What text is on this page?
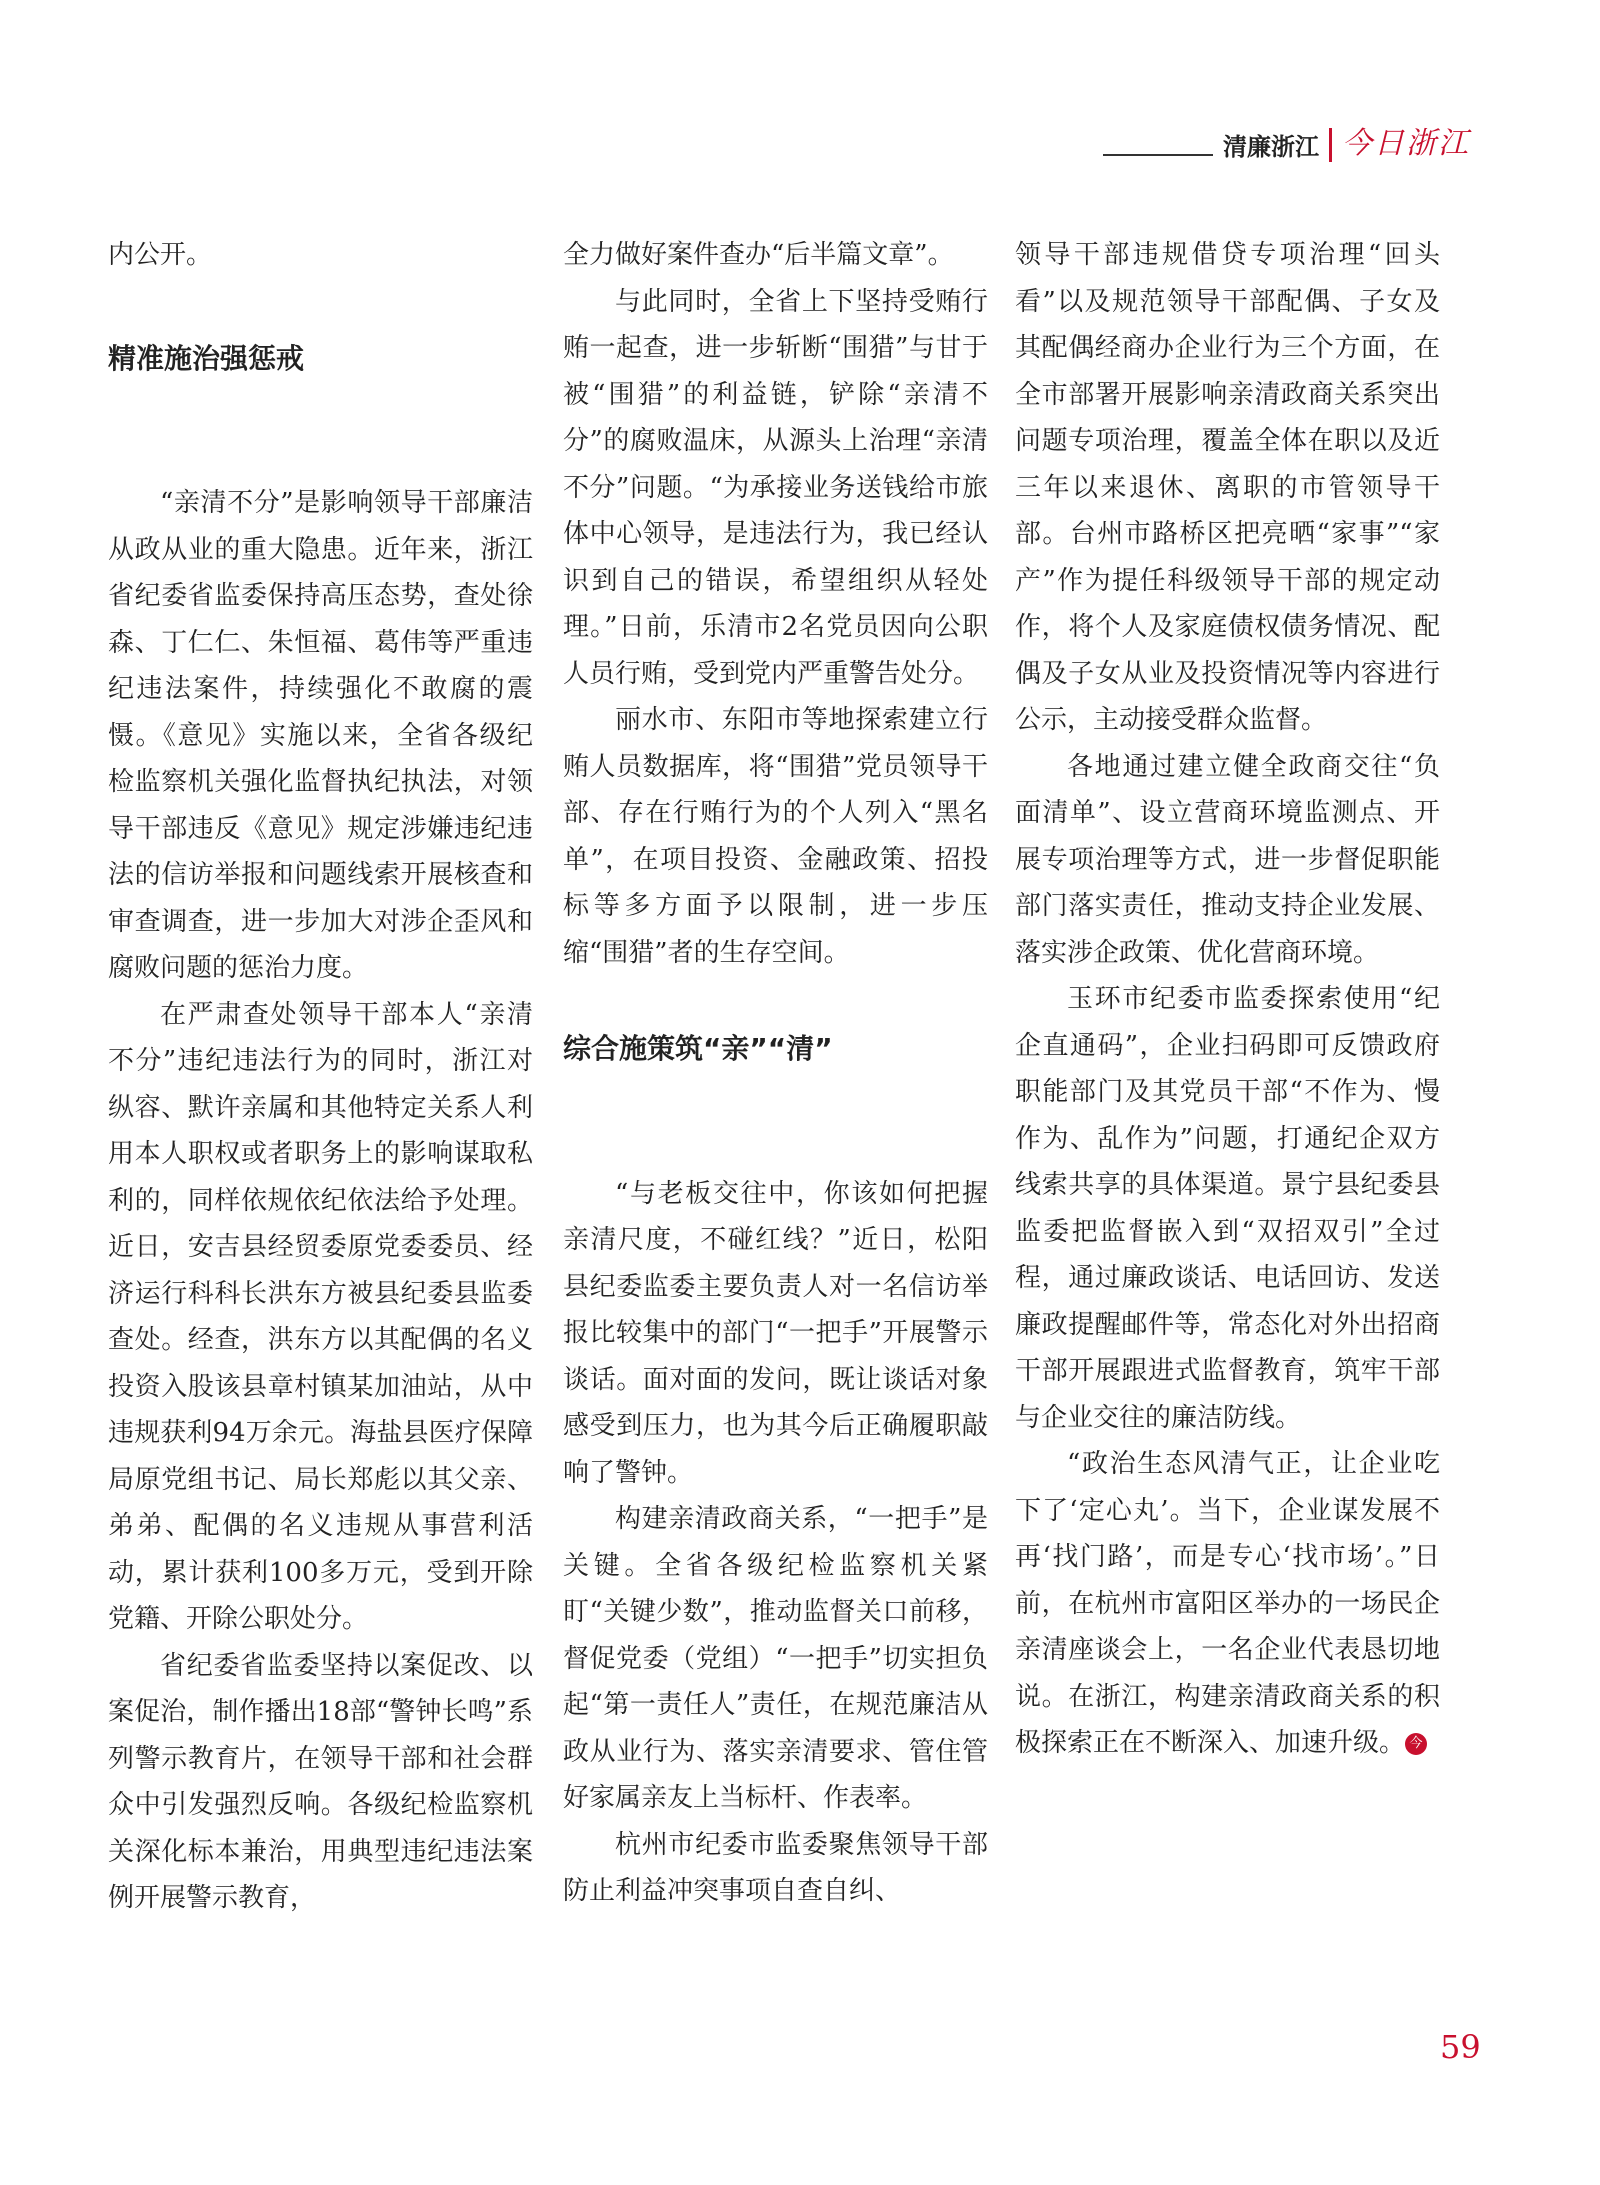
清廉浙江 今日浙江

内公开。

精准施治强惩戒

“亲清不分”是影响领导干部廉洁从政从业的重大隐患。近年来，浙江省纪委省监委保持高压态势，查处徐森、丁仁仁、朱恒福、葛伟等严重违纪违法案件，持续强化不敢腐的震慑。《意见》实施以来，全省各级纪检监察机关强化监督执纪执法，对领导干部违反《意见》规定涉嫌违纪违法的信访举报和问题线索开展核查和审查调查，进一步加大对涉企歪风和腐败问题的惩治力度。

在严肃查处领导干部本人“亲清不分”违纪违法行为的同时，浙江对纵容、默许亲属和其他特定关系人利用本人职权或者职务上的影响谋取私利的，同样依规依纪依法给予处理。近日，安吉县经贸委原党委委员、经济运行科科长洪东方被县纪委县监委查处。经查，洪东方以其配偶的名义投资入股该县章村镇某加油站，从中违规获利94万余元。海盐县医疗保障局原党组书记、局长郑彪以其父亲、弟弟、配偶的名义违规从事营利活动，累计获利100多万元，受到开除党籍、开除公职处分。

省纪委省监委坚持以案促改、以案促治，制作播出18部“警钟长鸣”系列警示教育片，在领导干部和社会群众中引发强烈反响。各级纪检监察机关深化标本兼治，用典型违纪违法案例开展警示教育，

全力做好案件查办“后半篇文章”。

与此同时，全省上下坚持受贿行贿一起查，进一步斩断“围猎”与甘于被“围猎”的利益链，铲除“亲清不分”的腐败温床，从源头上治理“亲清不分”问题。“为承接业务送钱给市旅体中心领导，是违法行为，我已经认识到自己的错误，希望组织从轻处理。”日前，乐清市2名党员因向公职人员行贿，受到党内严重警告处分。

丽水市、东阳市等地探索建立行贿人员数据库，将“围猎”党员领导干部、存在行贿行为的个人列入“黑名单”，在项目投资、金融政策、招投标等多方面予以限制，进一步压缩“围猎”者的生存空间。

综合施策筑“亲”“清”

“与老板交往中，你该如何把握亲清尺度，不碰红线？”近日，松阳县纪委监委主要负责人对一名信访举报比较集中的部门“一把手”开展警示谈话。面对面的发问，既让谈话对象感受到压力，也为其今后正确履职敲响了警钟。

构建亲清政商关系，“一把手”是关键。全省各级纪检监察机关紧盯“关键少数”，推动监督关口前移，督促党委（党组）“一把手”切实担负起“第一责任人”责任，在规范廉洁从政从业行为、落实亲清要求、管住管好家属亲友上当标杆、作表率。

杭州市纪委市监委聚焦领导干部防止利益冲突事项自查自纠、

领导干部违规借贷专项治理“回头看”以及规范领导干部配偶、子女及其配偶经商办企业行为三个方面，在全市部署开展影响亲清政商关系突出问题专项治理，覆盖全体在职以及近三年以来退休、离职的市管领导干部。台州市路桥区把亮晒“家事”“家产”作为提任科级领导干部的规定动作，将个人及家庭债权债务情况、配偶及子女从业及投资情况等内容进行公示，主动接受群众监督。

各地通过建立健全政商交往“负面清单”、设立营商环境监测点、开展专项治理等方式，进一步督促职能部门落实责任，推动支持企业发展、落实涉企政策、优化营商环境。

玉环市纪委市监委探索使用“纪企直通码”，企业扫码即可反馈政府职能部门及其党员干部“不作为、慢作为、乱作为”问题，打通纪企双方线索共享的具体渠道。景宁县纪委县监委把监督嵌入到“双招双引”全过程，通过廉政谈话、电话回访、发送廉政提醒邮件等，常态化对外出招商干部开展跟进式监督教育，筑牢干部与企业交往的廉洁防线。

“政治生态风清气正，让企业吃下了‘定心丸’。当下，企业谋发展不再‘找门路’，而是专心‘找市场’。”日前，在杭州市富阳区举办的一场民企亲清座谈会上，一名企业代表恳切地说。在浙江，构建亲清政商关系的积极探索正在不断深入、加速升级。 今

59
